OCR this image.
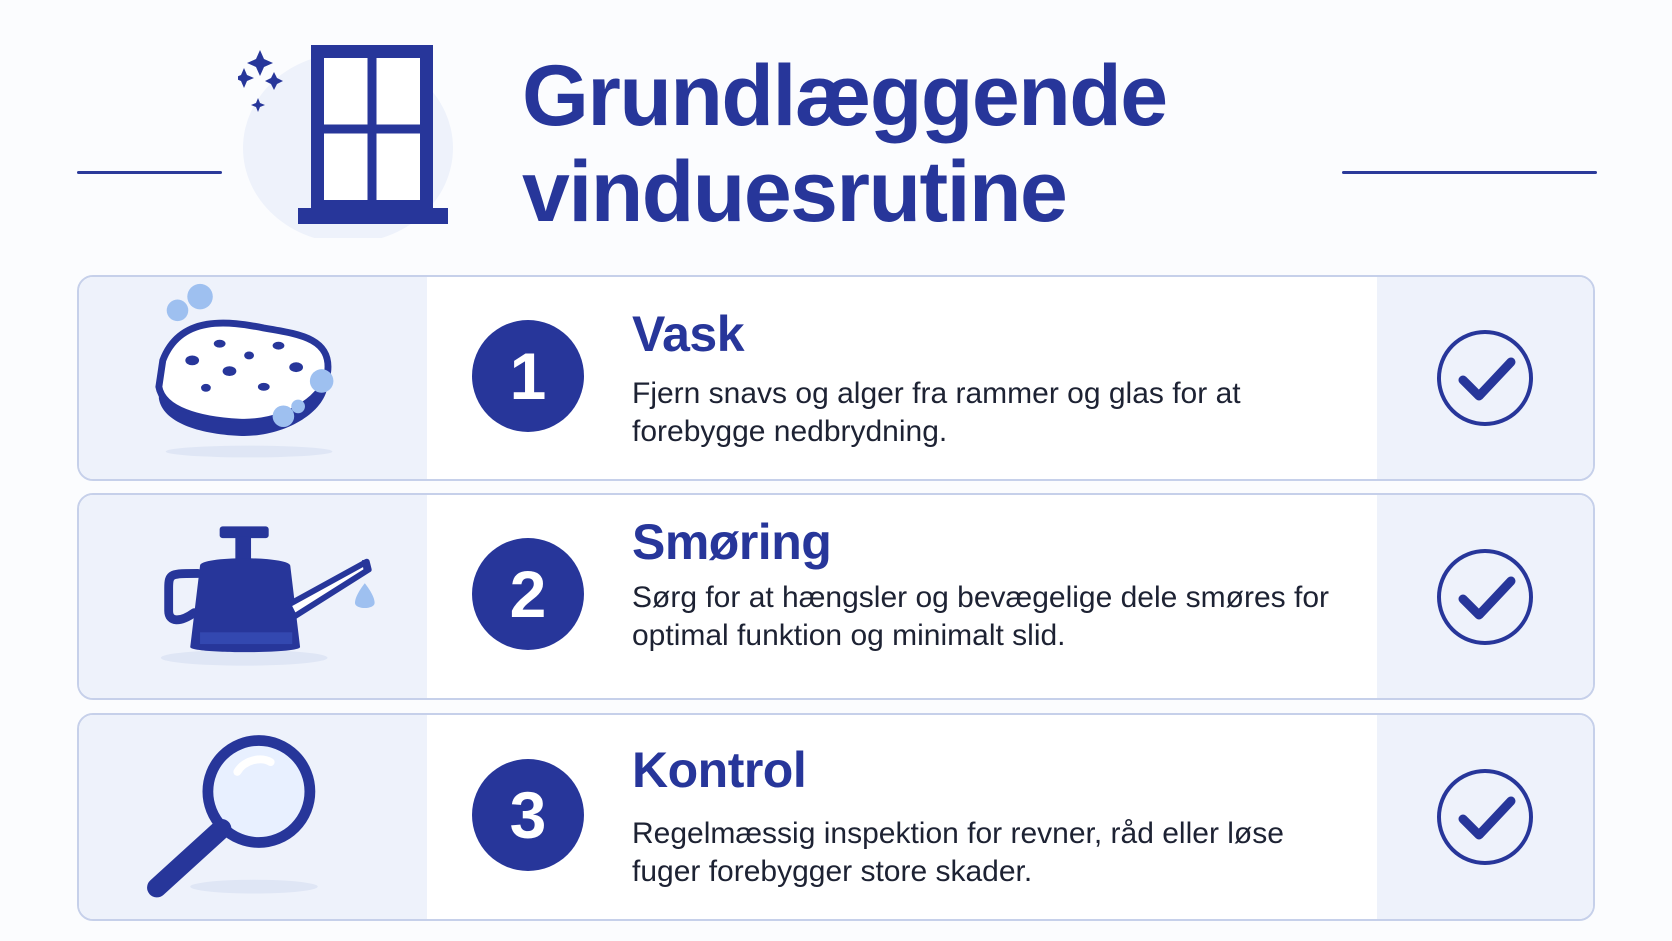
Grundlæggende
vinduesrutine
1
Vask

Fjern snavs og alger fra rammer og glas for at forebygge nedbrydning.

2
Smøring

Sørg for at hængsler og bevægelige dele smøres for optimal funktion og minimalt slid.

3
Kontrol

Regelmæssig inspektion for revner, råd eller løse fuger forebygger store skader.
